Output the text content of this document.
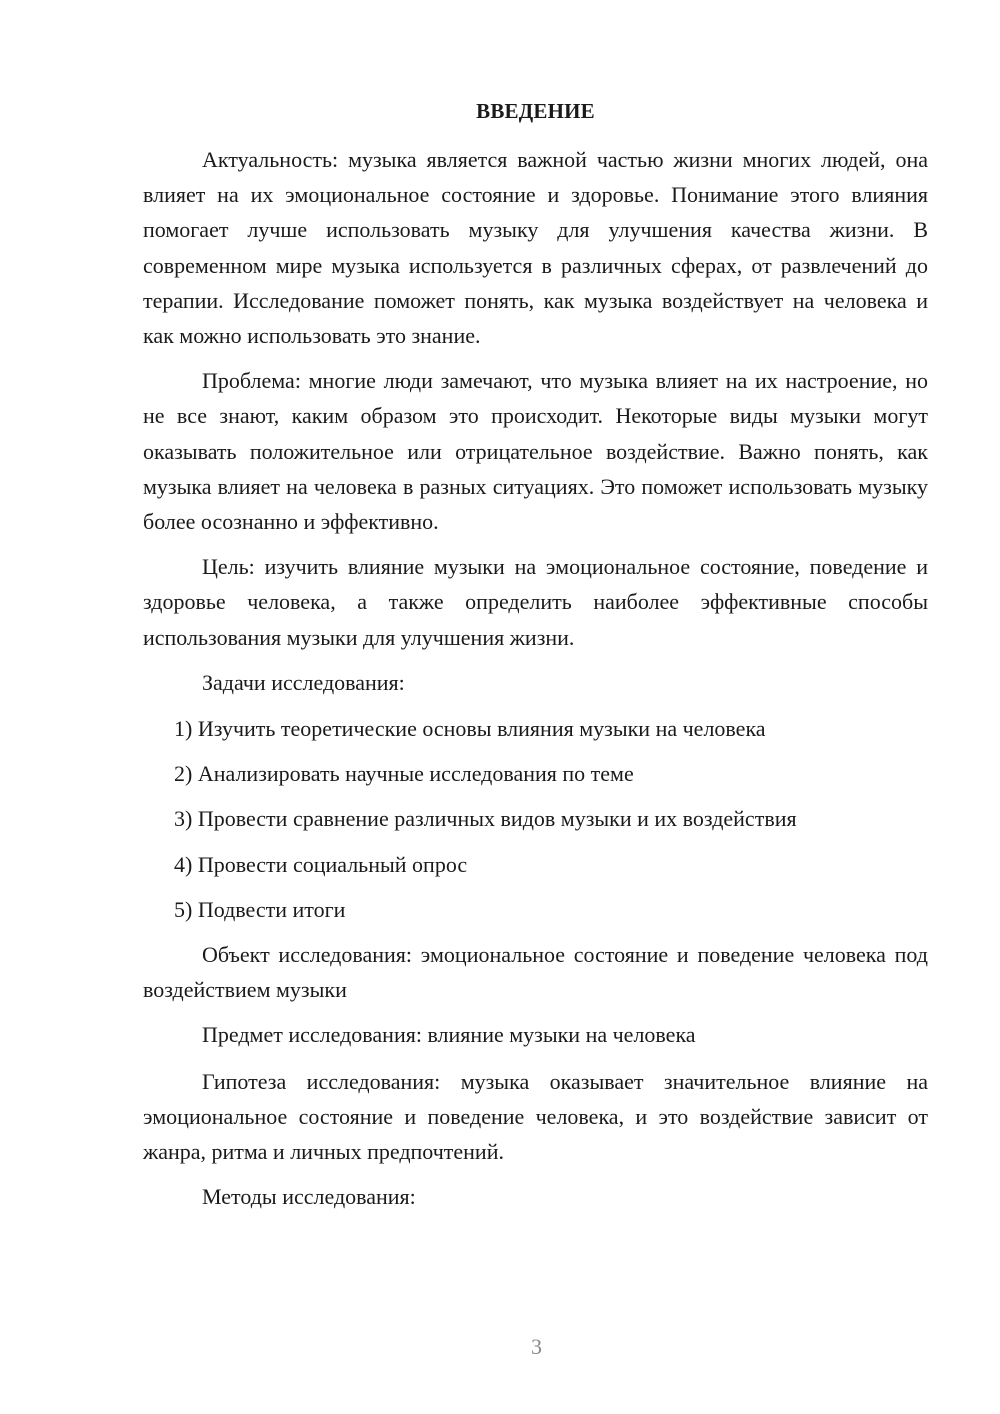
ВВЕДЕНИЕ

Актуальность: музыка является важной частью жизни многих людей, она влияет на их эмоциональное состояние и здоровье. Понимание этого влияния помогает лучше использовать музыку для улучшения качества жизни. В современном мире музыка используется в различных сферах, от развлечений до терапии. Исследование поможет понять, как музыка воздействует на человека и как можно использовать это знание.

Проблема: многие люди замечают, что музыка влияет на их настроение, но не все знают, каким образом это происходит. Некоторые виды музыки могут оказывать положительное или отрицательное воздействие. Важно понять, как музыка влияет на человека в разных ситуациях. Это поможет использовать музыку более осознанно и эффективно.

Цель: изучить влияние музыки на эмоциональное состояние, поведение и здоровье человека, а также определить наиболее эффективные способы использования музыки для улучшения жизни.

Задачи исследования:

1) Изучить теоретические основы влияния музыки на человека
2) Анализировать научные исследования по теме
3) Провести сравнение различных видов музыки и их воздействия
4) Провести социальный опрос
5) Подвести итоги

Объект исследования: эмоциональное состояние и поведение человека под воздействием музыки

Предмет исследования: влияние музыки на человека

Гипотеза исследования: музыка оказывает значительное влияние на эмоциональное состояние и поведение человека, и это воздействие зависит от жанра, ритма и личных предпочтений.

Методы исследования:

3
